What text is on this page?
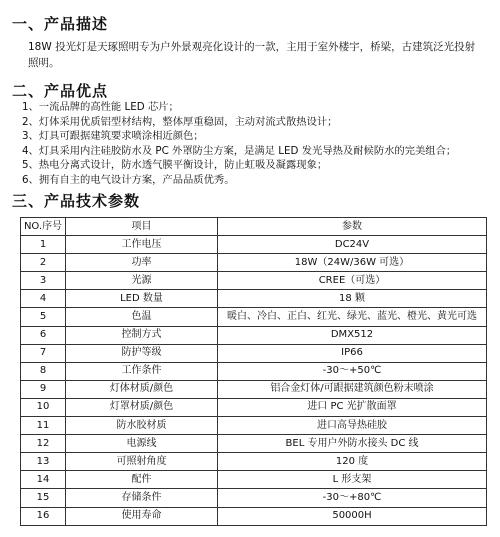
一、产品描述
18W 投光灯是天琢照明专为户外景观亮化设计的一款，主用于室外楼宇，桥梁，古建筑泛光投射照明。
二、产品优点
1、一流品牌的高性能 LED 芯片；
2、灯体采用优质铝型材结构，整体厚重稳固，主动对流式散热设计；
3、灯具可跟据建筑要求喷涂相近颜色；
4、灯具采用内注硅胶防水及 PC 外罩防尘方案，是满足 LED 发光导热及耐候防水的完美组合；
5、热电分离式设计，防水透气膜平衡设计，防止虹吸及凝露现象；
6、拥有自主的电气设计方案，产品品质优秀。
三、产品技术参数
NO.序号	项目	参数
1	工作电压	DC24V
2	功率	18W（24W/36W 可选）
3	光源	CREE（可选）
4	LED 数量	18 颗
5	色温	暖白、冷白、正白、红光、绿光、蓝光、橙光、黄光可选
6	控制方式	DMX512
7	防护等级	IP66
8	工作条件	-30～+50℃
9	灯体材质/颜色	铝合金灯体/可跟据建筑颜色粉末喷涂
10	灯罩材质/颜色	进口 PC 光扩散面罩
11	防水胶材质	进口高导热硅胶
12	电源线	BEL 专用户外防水接头 DC 线
13	可照射角度	120 度
14	配件	L 形支架
15	存储条件	-30～+80℃
16	使用寿命	50000H
